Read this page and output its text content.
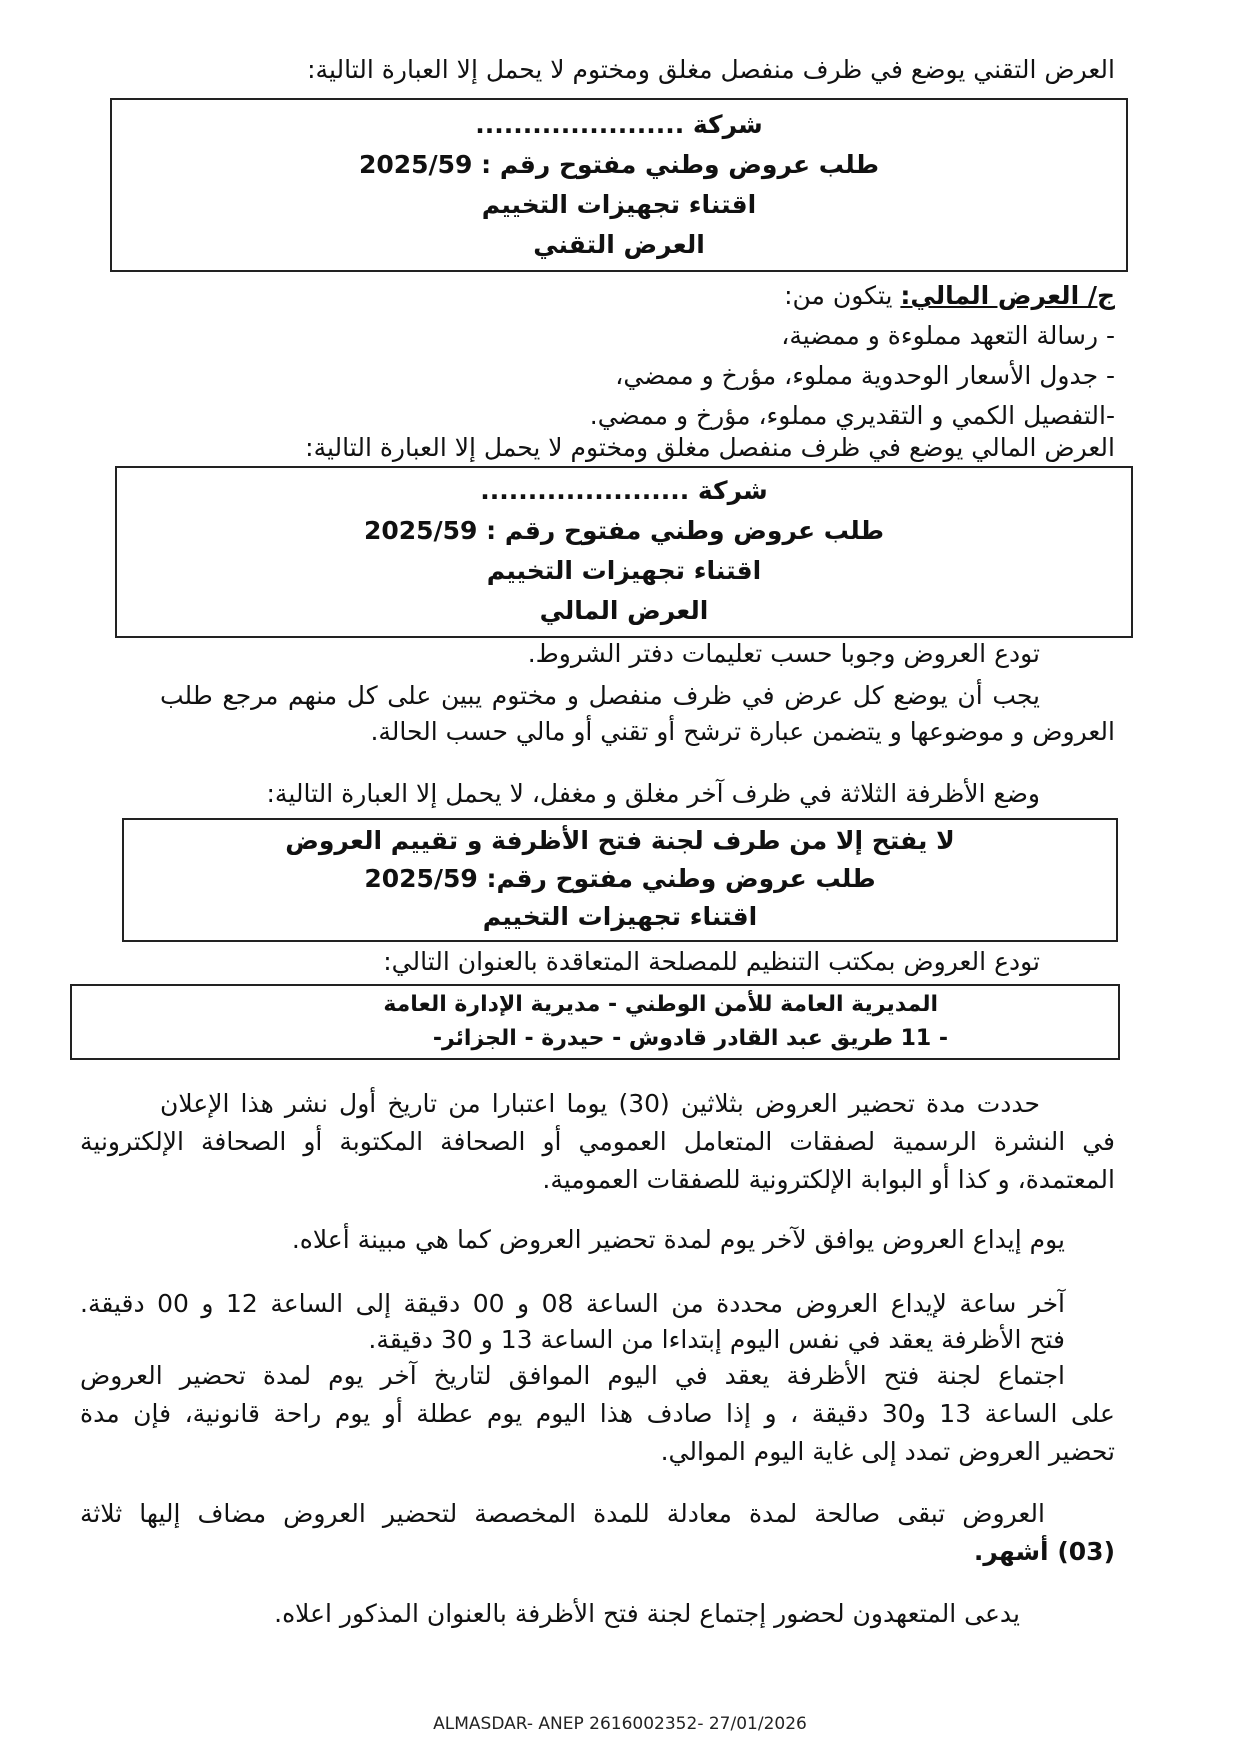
العرض التقني يوضع في ظرف منفصل مغلق ومختوم لا يحمل إلا العبارة التالية:
شركة ......................
طلب عروض وطني مفتوح رقم : 2025/59
اقتناء تجهيزات التخييم
العرض التقني
ج/ العرض المالي: يتكون من:
- رسالة التعهد مملوءة و ممضية،
- جدول الأسعار الوحدوية مملوء، مؤرخ و ممضي،
-التفصيل الكمي و التقديري مملوء، مؤرخ و ممضي.
العرض المالي يوضع في ظرف منفصل مغلق ومختوم لا يحمل إلا العبارة التالية:
شركة ......................
طلب عروض وطني مفتوح رقم : 2025/59
اقتناء تجهيزات التخييم
العرض المالي
تودع العروض وجوبا حسب تعليمات دفتر الشروط.
يجب أن يوضع كل عرض في ظرف منفصل و مختوم يبين على كل منهم مرجع طلب
العروض و موضوعها و يتضمن عبارة ترشح أو تقني أو مالي حسب الحالة.
وضع الأظرفة الثلاثة في ظرف آخر مغلق و مغفل، لا يحمل إلا العبارة التالية:
لا يفتح إلا من طرف لجنة فتح الأظرفة و تقييم العروض
طلب عروض وطني مفتوح رقم: 2025/59
اقتناء تجهيزات التخييم
تودع العروض بمكتب التنظيم للمصلحة المتعاقدة بالعنوان التالي:
المديرية العامة للأمن الوطني - مديرية الإدارة العامة
- 11 طريق عبد القادر قادوش - حيدرة - الجزائر-
حددت مدة تحضير العروض بثلاثين (30) يوما اعتبارا من تاريخ أول نشر هذا الإعلان
في النشرة الرسمية لصفقات المتعامل العمومي أو الصحافة المكتوبة أو الصحافة الإلكترونية
المعتمدة، و كذا أو البوابة الإلكترونية للصفقات العمومية.
يوم إيداع العروض يوافق لآخر يوم لمدة تحضير العروض كما هي مبينة أعلاه.
آخر ساعة لإيداع العروض محددة من الساعة 08 و 00 دقيقة إلى الساعة 12 و 00 دقيقة.
فتح الأظرفة يعقد في نفس اليوم إبتداءا من الساعة 13 و 30 دقيقة.
اجتماع لجنة فتح الأظرفة يعقد في اليوم الموافق لتاريخ آخر يوم لمدة تحضير العروض
على الساعة 13 و30 دقيقة ، و إذا صادف هذا اليوم يوم عطلة أو يوم راحة قانونية، فإن مدة
تحضير العروض تمدد إلى غاية اليوم الموالي.
العروض تبقى صالحة لمدة معادلة للمدة المخصصة لتحضير العروض مضاف إليها ثلاثة
(03) أشهر.
يدعى المتعهدون لحضور إجتماع لجنة فتح الأظرفة بالعنوان المذكور اعلاه.
ALMASDAR- ANEP 2616002352- 27/01/2026
